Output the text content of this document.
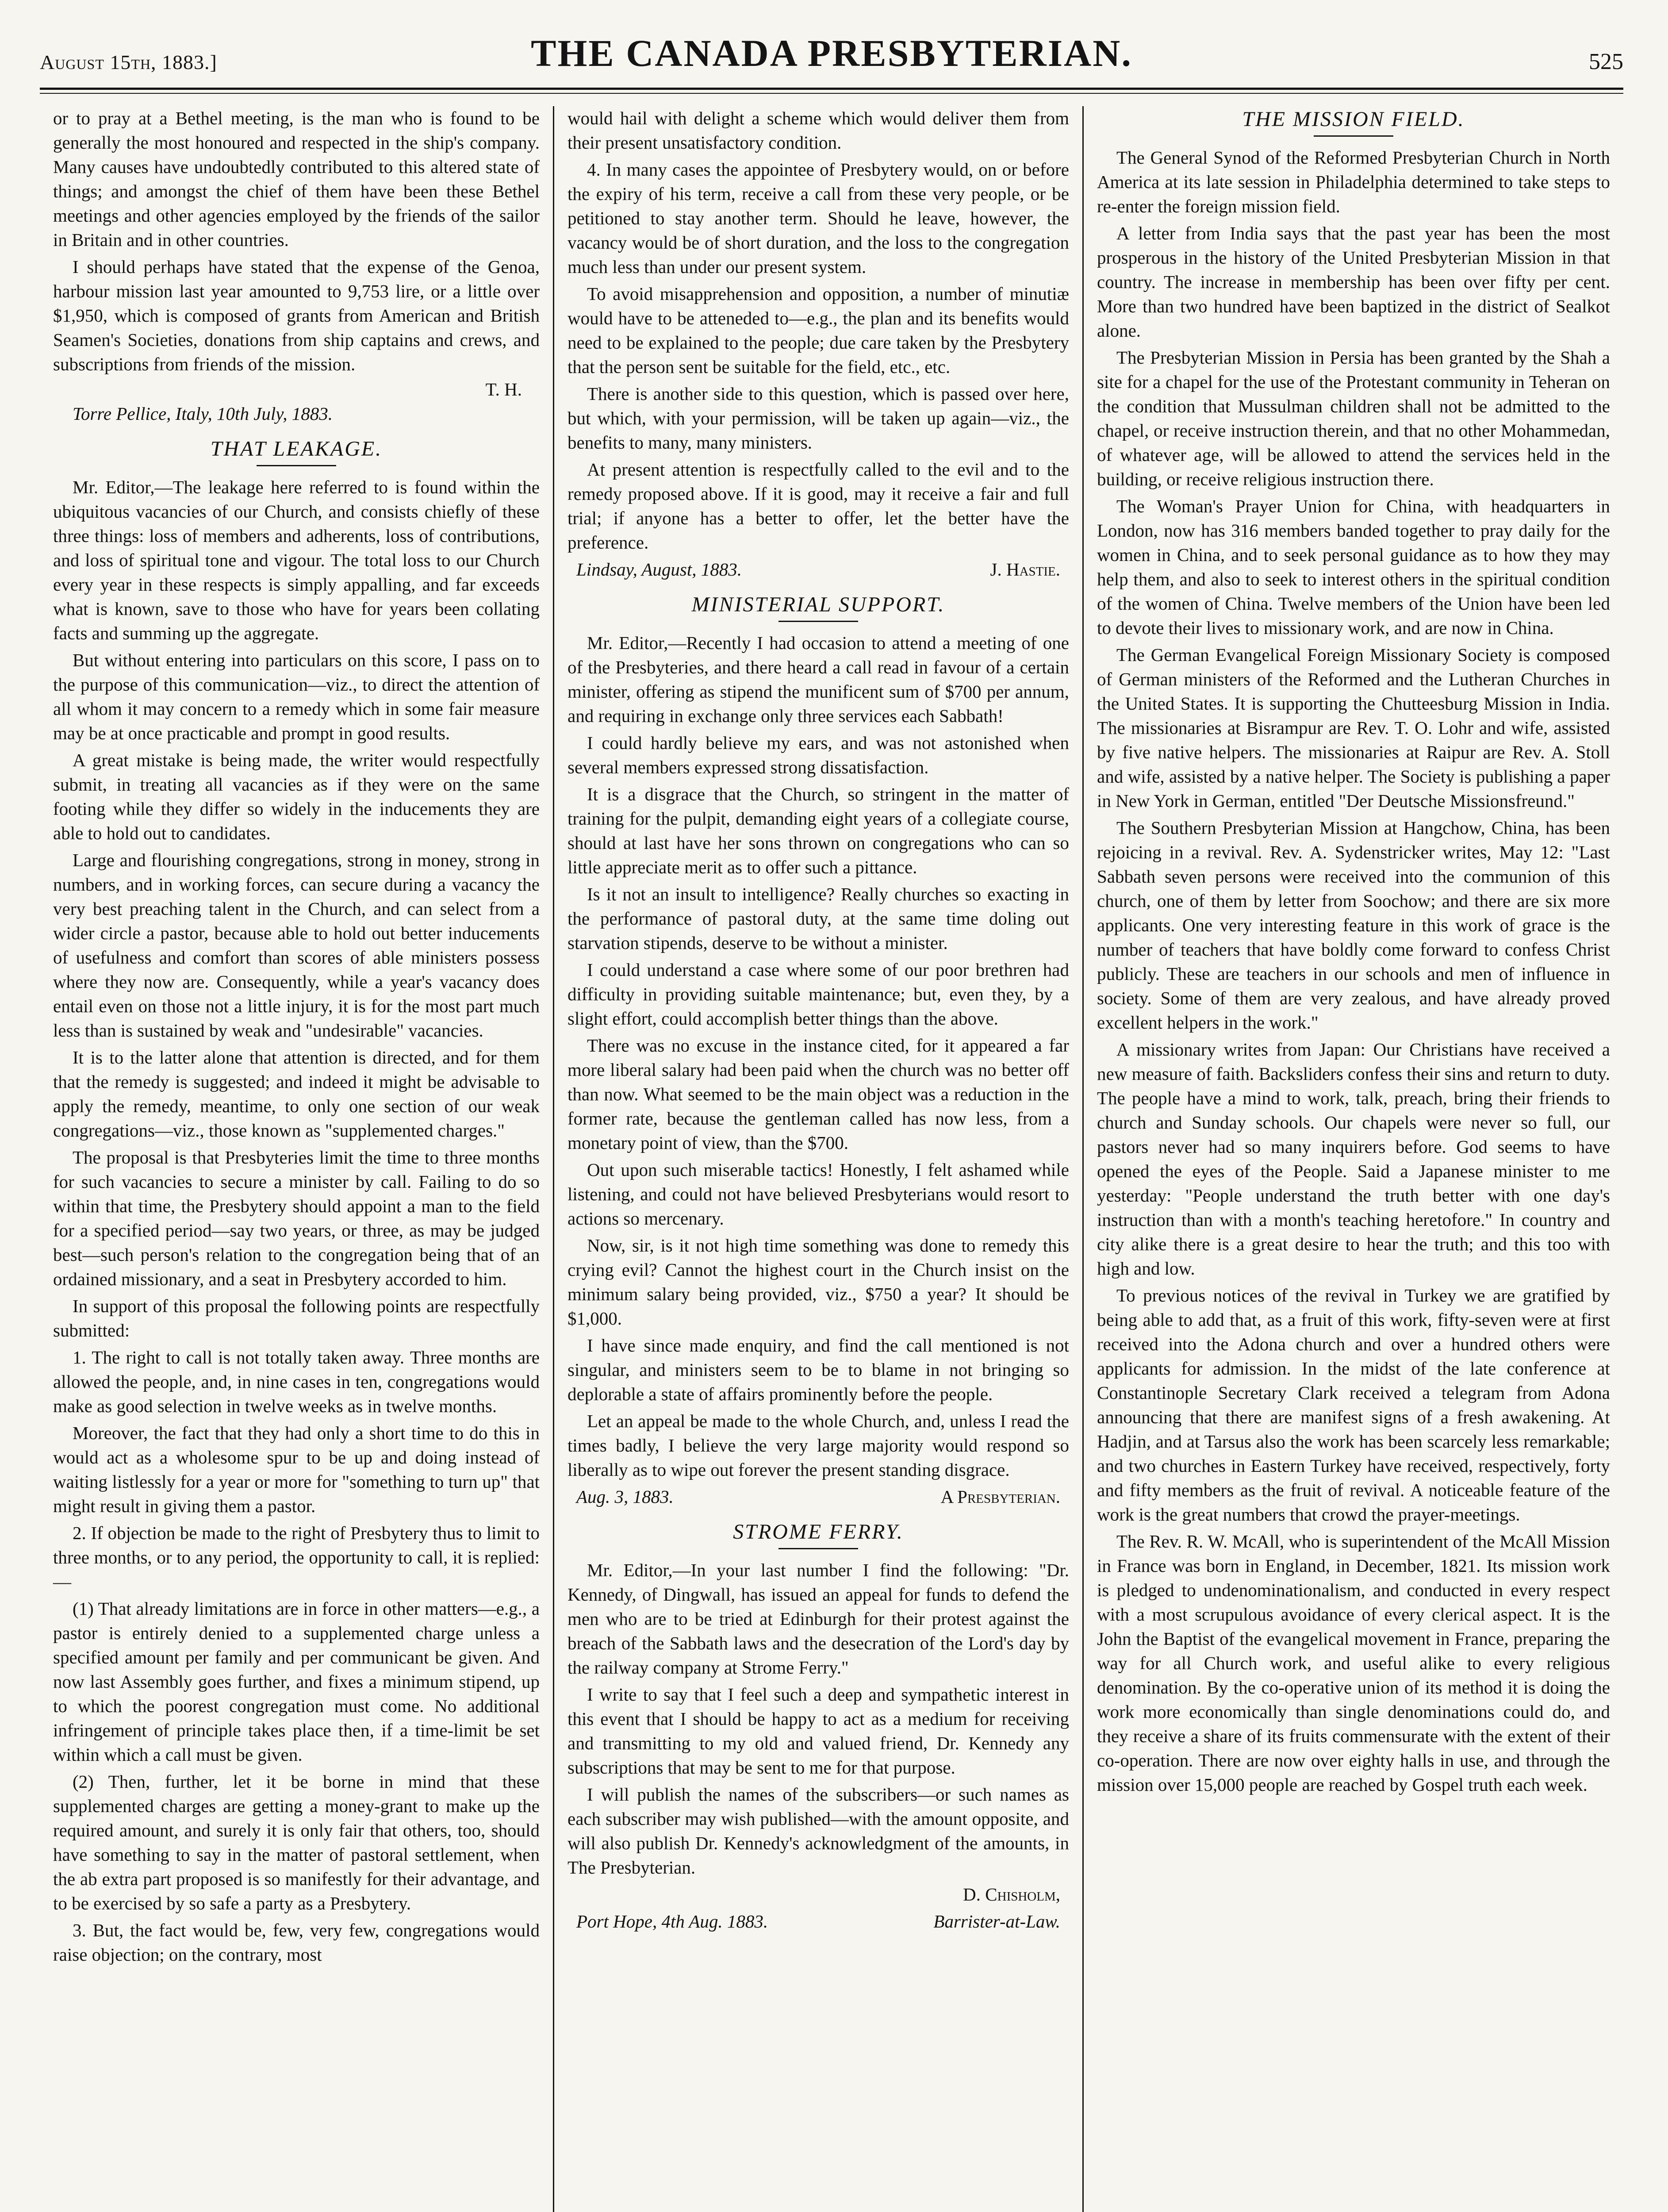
August 15th, 1883.]	THE CANADA PRESBYTERIAN.	525

or to pray at a Bethel meeting, is the man who is found to be generally the most honoured and respected in the ship's company. Many causes have undoubtedly contributed to this altered state of things; and amongst the chief of them have been these Bethel meetings and other agencies employed by the friends of the sailor in Britain and in other countries.

I should perhaps have stated that the expense of the Genoa, harbour mission last year amounted to 9,753 lire, or a little over $1,950, which is composed of grants from American and British Seamen's Societies, donations from ship captains and crews, and subscriptions from friends of the mission.

T. H.
Torre Pellice, Italy, 10th July, 1883.
THAT LEAKAGE.

Mr. Editor,—The leakage here referred to is found within the ubiquitous vacancies of our Church, and consists chiefly of these three things: loss of members and adherents, loss of contributions, and loss of spiritual tone and vigour. The total loss to our Church every year in these respects is simply appalling, and far exceeds what is known, save to those who have for years been collating facts and summing up the aggregate.

But without entering into particulars on this score, I pass on to the purpose of this communication—viz., to direct the attention of all whom it may concern to a remedy which in some fair measure may be at once practicable and prompt in good results.

A great mistake is being made, the writer would respectfully submit, in treating all vacancies as if they were on the same footing while they differ so widely in the inducements they are able to hold out to candidates.

Large and flourishing congregations, strong in money, strong in numbers, and in working forces, can secure during a vacancy the very best preaching talent in the Church, and can select from a wider circle a pastor, because able to hold out better inducements of usefulness and comfort than scores of able ministers possess where they now are. Consequently, while a year's vacancy does entail even on those not a little injury, it is for the most part much less than is sustained by weak and "undesirable" vacancies.

It is to the latter alone that attention is directed, and for them that the remedy is suggested; and indeed it might be advisable to apply the remedy, meantime, to only one section of our weak congregations—viz., those known as "supplemented charges."

The proposal is that Presbyteries limit the time to three months for such vacancies to secure a minister by call. Failing to do so within that time, the Presbytery should appoint a man to the field for a specified period—say two years, or three, as may be judged best—such person's relation to the congregation being that of an ordained missionary, and a seat in Presbytery accorded to him.

In support of this proposal the following points are respectfully submitted:

1. The right to call is not totally taken away. Three months are allowed the people, and, in nine cases in ten, congregations would make as good selection in twelve weeks as in twelve months.

Moreover, the fact that they had only a short time to do this in would act as a wholesome spur to be up and doing instead of waiting listlessly for a year or more for "something to turn up" that might result in giving them a pastor.

2. If objection be made to the right of Presbytery thus to limit to three months, or to any period, the opportunity to call, it is replied:—

(1) That already limitations are in force in other matters—e.g., a pastor is entirely denied to a supplemented charge unless a specified amount per family and per communicant be given. And now last Assembly goes further, and fixes a minimum stipend, up to which the poorest congregation must come. No additional infringement of principle takes place then, if a time-limit be set within which a call must be given.

(2) Then, further, let it be borne in mind that these supplemented charges are getting a money-grant to make up the required amount, and surely it is only fair that others, too, should have something to say in the matter of pastoral settlement, when the ab extra part proposed is so manifestly for their advantage, and to be exercised by so safe a party as a Presbytery.

3. But, the fact would be, few, very few, congregations would raise objection; on the contrary, most

would hail with delight a scheme which would deliver them from their present unsatisfactory condition.

4. In many cases the appointee of Presbytery would, on or before the expiry of his term, receive a call from these very people, or be petitioned to stay another term. Should he leave, however, the vacancy would be of short duration, and the loss to the congregation much less than under our present system.

To avoid misapprehension and opposition, a number of minutiæ would have to be atteneded to—e.g., the plan and its benefits would need to be explained to the people; due care taken by the Presbytery that the person sent be suitable for the field, etc., etc.

There is another side to this question, which is passed over here, but which, with your permission, will be taken up again—viz., the benefits to many, many ministers.

At present attention is respectfully called to the evil and to the remedy proposed above. If it is good, may it receive a fair and full trial; if anyone has a better to offer, let the better have the preference.

Lindsay, August, 1883.	J. Hastie.
MINISTERIAL SUPPORT.

Mr. Editor,—Recently I had occasion to attend a meeting of one of the Presbyteries, and there heard a call read in favour of a certain minister, offering as stipend the munificent sum of $700 per annum, and requiring in exchange only three services each Sabbath!

I could hardly believe my ears, and was not astonished when several members expressed strong dissatisfaction.

It is a disgrace that the Church, so stringent in the matter of training for the pulpit, demanding eight years of a collegiate course, should at last have her sons thrown on congregations who can so little appreciate merit as to offer such a pittance.

Is it not an insult to intelligence? Really churches so exacting in the performance of pastoral duty, at the same time doling out starvation stipends, deserve to be without a minister.

I could understand a case where some of our poor brethren had difficulty in providing suitable maintenance; but, even they, by a slight effort, could accomplish better things than the above.

There was no excuse in the instance cited, for it appeared a far more liberal salary had been paid when the church was no better off than now. What seemed to be the main object was a reduction in the former rate, because the gentleman called has now less, from a monetary point of view, than the $700.

Out upon such miserable tactics! Honestly, I felt ashamed while listening, and could not have believed Presbyterians would resort to actions so mercenary.

Now, sir, is it not high time something was done to remedy this crying evil? Cannot the highest court in the Church insist on the minimum salary being provided, viz., $750 a year? It should be $1,000.

I have since made enquiry, and find the call mentioned is not singular, and ministers seem to be to blame in not bringing so deplorable a state of affairs prominently before the people.

Let an appeal be made to the whole Church, and, unless I read the times badly, I believe the very large majority would respond so liberally as to wipe out forever the present standing disgrace.

Aug. 3, 1883.	A Presbyterian.
STROME FERRY.

Mr. Editor,—In your last number I find the following: "Dr. Kennedy, of Dingwall, has issued an appeal for funds to defend the men who are to be tried at Edinburgh for their protest against the breach of the Sabbath laws and the desecration of the Lord's day by the railway company at Strome Ferry."

I write to say that I feel such a deep and sympathetic interest in this event that I should be happy to act as a medium for receiving and transmitting to my old and valued friend, Dr. Kennedy any subscriptions that may be sent to me for that purpose.

I will publish the names of the subscribers—or such names as each subscriber may wish published—with the amount opposite, and will also publish Dr. Kennedy's acknowledgment of the amounts, in The Presbyterian.

D. Chisholm,
Port Hope, 4th Aug. 1883.	Barrister-at-Law.
THE MISSION FIELD.

The General Synod of the Reformed Presbyterian Church in North America at its late session in Philadelphia determined to take steps to re-enter the foreign mission field.

A letter from India says that the past year has been the most prosperous in the history of the United Presbyterian Mission in that country. The increase in membership has been over fifty per cent. More than two hundred have been baptized in the district of Sealkot alone.

The Presbyterian Mission in Persia has been granted by the Shah a site for a chapel for the use of the Protestant community in Teheran on the condition that Mussulman children shall not be admitted to the chapel, or receive instruction therein, and that no other Mohammedan, of whatever age, will be allowed to attend the services held in the building, or receive religious instruction there.

The Woman's Prayer Union for China, with headquarters in London, now has 316 members banded together to pray daily for the women in China, and to seek personal guidance as to how they may help them, and also to seek to interest others in the spiritual condition of the women of China. Twelve members of the Union have been led to devote their lives to missionary work, and are now in China.

The German Evangelical Foreign Missionary Society is composed of German ministers of the Reformed and the Lutheran Churches in the United States. It is supporting the Chutteesburg Mission in India. The missionaries at Bisrampur are Rev. T. O. Lohr and wife, assisted by five native helpers. The missionaries at Raipur are Rev. A. Stoll and wife, assisted by a native helper. The Society is publishing a paper in New York in German, entitled "Der Deutsche Missionsfreund."

The Southern Presbyterian Mission at Hangchow, China, has been rejoicing in a revival. Rev. A. Sydenstricker writes, May 12: "Last Sabbath seven persons were received into the communion of this church, one of them by letter from Soochow; and there are six more applicants. One very interesting feature in this work of grace is the number of teachers that have boldly come forward to confess Christ publicly. These are teachers in our schools and men of influence in society. Some of them are very zealous, and have already proved excellent helpers in the work."

A missionary writes from Japan: Our Christians have received a new measure of faith. Backsliders confess their sins and return to duty. The people have a mind to work, talk, preach, bring their friends to church and Sunday schools. Our chapels were never so full, our pastors never had so many inquirers before. God seems to have opened the eyes of the People. Said a Japanese minister to me yesterday: "People understand the truth better with one day's instruction than with a month's teaching heretofore." In country and city alike there is a great desire to hear the truth; and this too with high and low.

To previous notices of the revival in Turkey we are gratified by being able to add that, as a fruit of this work, fifty-seven were at first received into the Adona church and over a hundred others were applicants for admission. In the midst of the late conference at Constantinople Secretary Clark received a telegram from Adona announcing that there are manifest signs of a fresh awakening. At Hadjin, and at Tarsus also the work has been scarcely less remarkable; and two churches in Eastern Turkey have received, respectively, forty and fifty members as the fruit of revival. A noticeable feature of the work is the great numbers that crowd the prayer-meetings.

The Rev. R. W. McAll, who is superintendent of the McAll Mission in France was born in England, in December, 1821. Its mission work is pledged to undenominationalism, and conducted in every respect with a most scrupulous avoidance of every clerical aspect. It is the John the Baptist of the evangelical movement in France, preparing the way for all Church work, and useful alike to every religious denomination. By the co-operative union of its method it is doing the work more economically than single denominations could do, and they receive a share of its fruits commensurate with the extent of their co-operation. There are now over eighty halls in use, and through the mission over 15,000 people are reached by Gospel truth each week.
